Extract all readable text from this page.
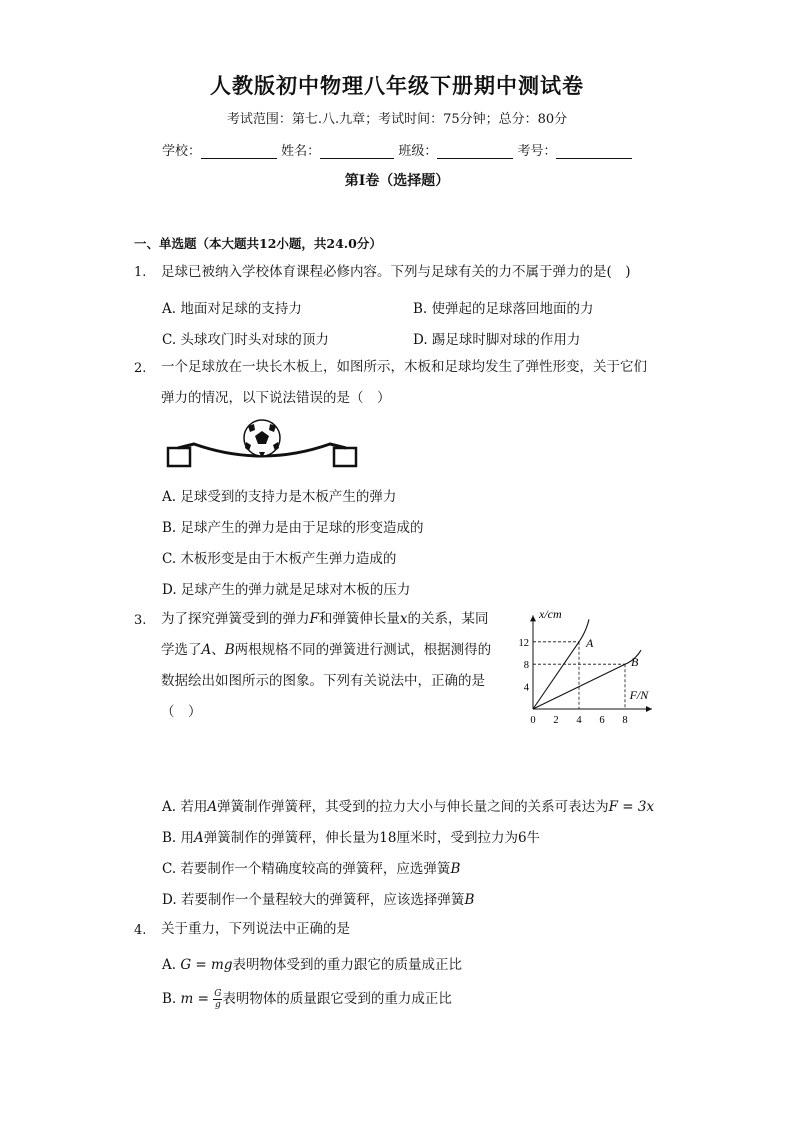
人教版初中物理八年级下册期中测试卷
考试范围：第七.八.九章；考试时间：75分钟；总分：80分
学校：	姓名：	班级：	考号：
第I卷（选择题）
一、单选题（本大题共12小题，共24.0分）
1. 足球已被纳入学校体育课程必修内容。下列与足球有关的力不属于弹力的是(　)
A. 地面对足球的支持力	B. 使弹起的足球落回地面的力
C. 头球攻门时头对球的顶力	D. 踢足球时脚对球的作用力
2. 一个足球放在一块长木板上，如图所示，木板和足球均发生了弹性形变，关于它们
弹力的情况，以下说法错误的是（　）
A. 足球受到的支持力是木板产生的弹力
B. 足球产生的弹力是由于足球的形变造成的
C. 木板形变是由于木板产生弹力造成的
D. 足球产生的弹力就是足球对木板的压力
3. 为了探究弹簧受到的弹力F和弹簧伸长量x的关系，某同
学选了A、B两根规格不同的弹簧进行测试，根据测得的
数据绘出如图所示的图象。下列有关说法中，正确的是
（　）
x/cm
F/N
0 2 4 6 8
4
8
12	A
B
A. 若用A弹簧制作弹簧秤，其受到的拉力大小与伸长量之间的关系可表达为F = 3x
B. 用A弹簧制作的弹簧秤，伸长量为18厘米时，受到拉力为6牛
C. 若要制作一个精确度较高的弹簧秤，应选弹簧B
D. 若要制作一个量程较大的弹簧秤，应该选择弹簧B
4. 关于重力，下列说法中正确的是
A. G = mg表明物体受到的重力跟它的质量成正比
B. $m = \frac{G}{g}$ 表明物体的质量跟它受到的重力成正比
